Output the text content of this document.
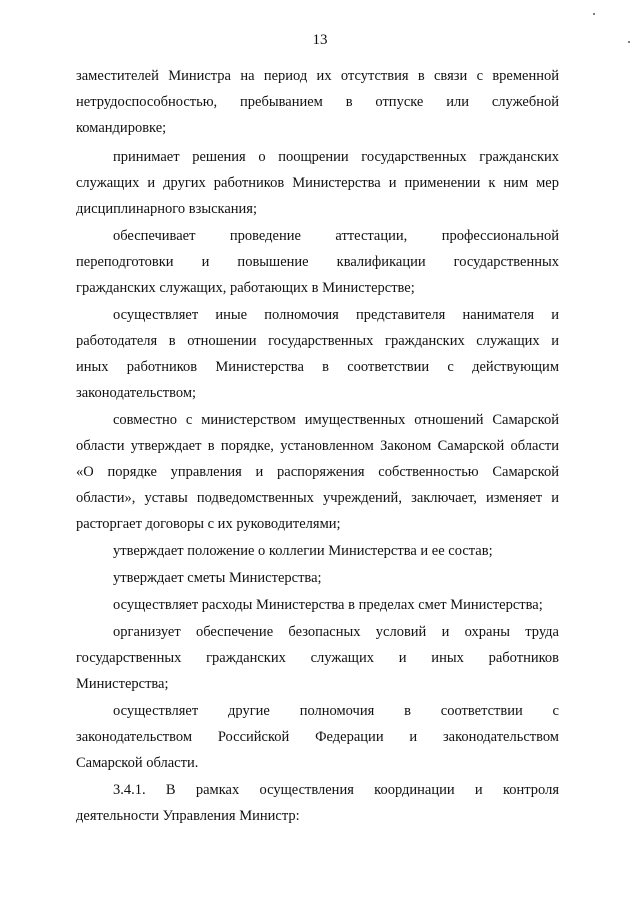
13
заместителей Министра на период их отсутствия в связи с временной
нетрудоспособностью, пребыванием в отпуске или служебной
командировке;
принимает решения о поощрении государственных гражданских
служащих и других работников Министерства и применении к ним мер
дисциплинарного взыскания;
обеспечивает проведение аттестации, профессиональной
переподготовки и повышение квалификации государственных
гражданских служащих, работающих в Министерстве;
осуществляет иные полномочия представителя нанимателя и
работодателя в отношении государственных гражданских служащих и
иных работников Министерства в соответствии с действующим
законодательством;
совместно с министерством имущественных отношений Самарской
области утверждает в порядке, установленном Законом Самарской области
«О порядке управления и распоряжения собственностью Самарской
области», уставы подведомственных учреждений, заключает, изменяет и
расторгает договоры с их руководителями;
утверждает положение о коллегии Министерства и ее состав;
утверждает сметы Министерства;
осуществляет расходы Министерства в пределах смет Министерства;
организует обеспечение безопасных условий и охраны труда
государственных гражданских служащих и иных работников
Министерства;
осуществляет другие полномочия в соответствии с
законодательством Российской Федерации и законодательством
Самарской области.
3.4.1. В рамках осуществления координации и контроля
деятельности Управления Министр:
